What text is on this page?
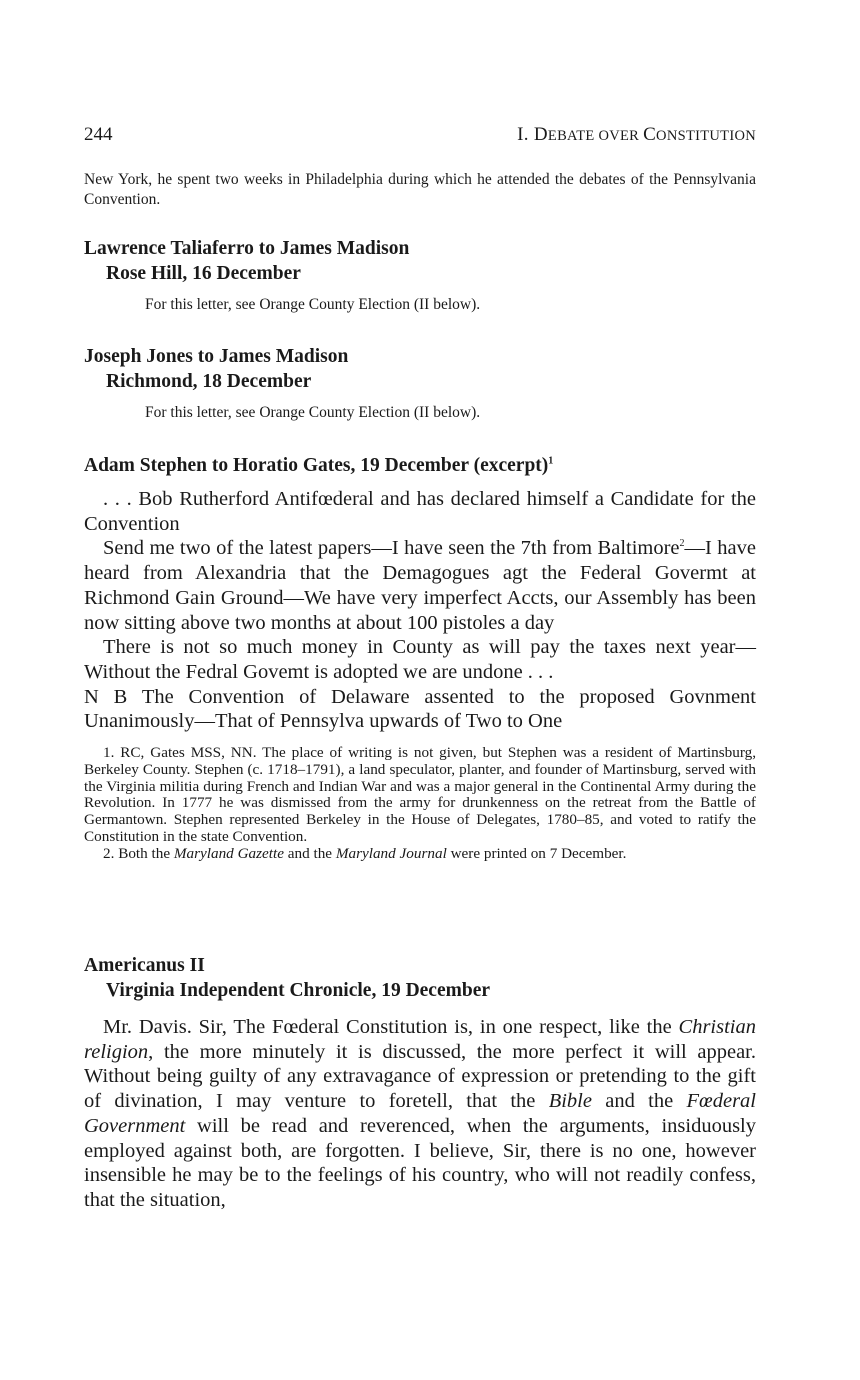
244	I. DEBATE OVER CONSTITUTION
New York, he spent two weeks in Philadelphia during which he attended the debates of the Pennsylvania Convention.
Lawrence Taliaferro to James Madison
Rose Hill, 16 December
For this letter, see Orange County Election (II below).
Joseph Jones to James Madison
Richmond, 18 December
For this letter, see Orange County Election (II below).
Adam Stephen to Horatio Gates, 19 December (excerpt)$^1$

. . . Bob Rutherford Antifœderal and has declared himself a Candidate for the Convention

Send me two of the latest papers—I have seen the 7th from Baltimore$^2$—I have heard from Alexandria that the Demagogues agt the Federal Govermt at Richmond Gain Ground—We have very imperfect Accts, our Assembly has been now sitting above two months at about 100 pistoles a day

There is not so much money in County as will pay the taxes next year—Without the Fedral Govemt is adopted we are undone . . .

N B The Convention of Delaware assented to the proposed Govnment Unanimously—That of Pennsylva upwards of Two to One

1. RC, Gates MSS, NN. The place of writing is not given, but Stephen was a resident of Martinsburg, Berkeley County. Stephen (c. 1718–1791), a land speculator, planter, and founder of Martinsburg, served with the Virginia militia during French and Indian War and was a major general in the Continental Army during the Revolution. In 1777 he was dismissed from the army for drunkenness on the retreat from the Battle of Germantown. Stephen represented Berkeley in the House of Delegates, 1780–85, and voted to ratify the Constitution in the state Convention.

2. Both the Maryland Gazette and the Maryland Journal were printed on 7 December.

Americanus II
Virginia Independent Chronicle, 19 December

Mr. Davis. Sir, The Fœderal Constitution is, in one respect, like the Christian religion, the more minutely it is discussed, the more perfect it will appear. Without being guilty of any extravagance of expression or pretending to the gift of divination, I may venture to foretell, that the Bible and the Fœderal Government will be read and reverenced, when the arguments, insiduously employed against both, are forgotten. I believe, Sir, there is no one, however insensible he may be to the feelings of his country, who will not readily confess, that the situation,
